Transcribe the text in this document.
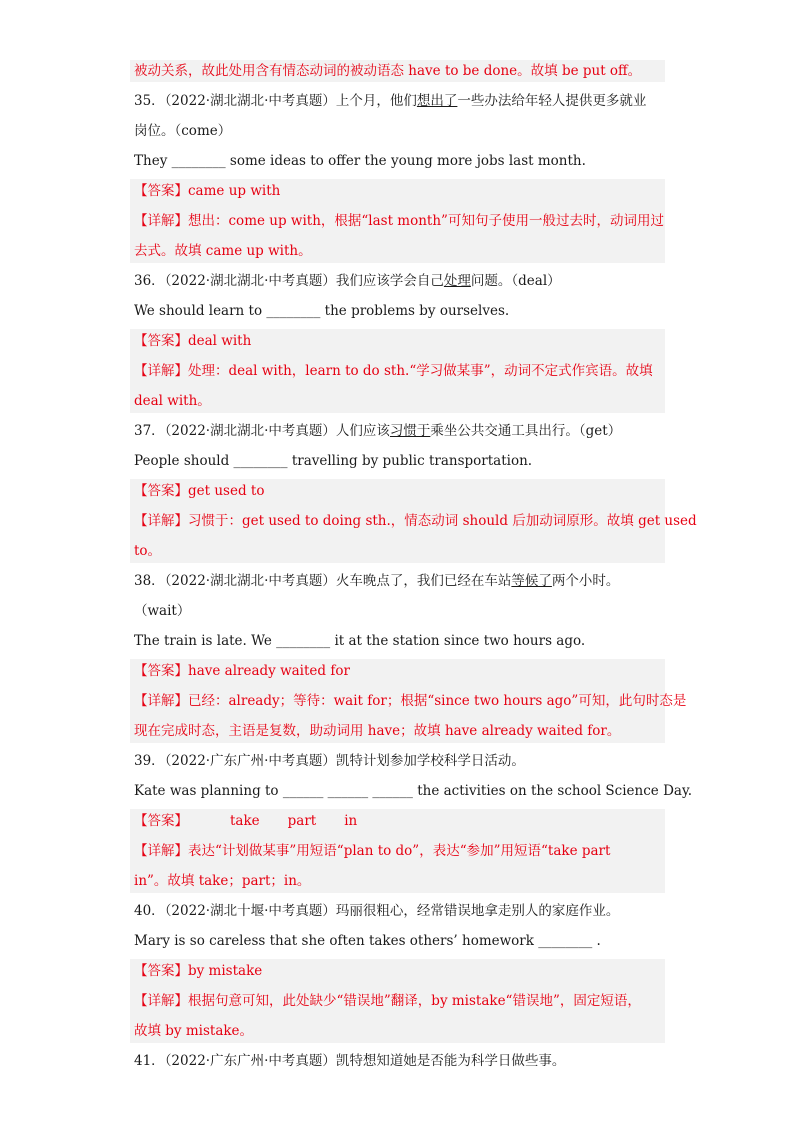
被动关系，故此处用含有情态动词的被动语态 have to be done。故填 be put off。
35．（2022·湖北湖北·中考真题）上个月，他们想出了一些办法给年轻人提供更多就业
岗位。（come）
They ________ some ideas to offer the young more jobs last month.
【答案】came up with
【详解】想出：come up with，根据“last month”可知句子使用一般过去时，动词用过
去式。故填 came up with。
36．（2022·湖北湖北·中考真题）我们应该学会自己处理问题。（deal）
We should learn to ________ the problems by ourselves.
【答案】deal with
【详解】处理：deal with，learn to do sth.“学习做某事”，动词不定式作宾语。故填
deal with。
37．（2022·湖北湖北·中考真题）人们应该习惯于乘坐公共交通工具出行。（get）
People should ________ travelling by public transportation.
【答案】get used to
【详解】习惯于：get used to doing sth.，情态动词 should 后加动词原形。故填 get used
to。
38．（2022·湖北湖北·中考真题）火车晚点了，我们已经在车站等候了两个小时。
（wait）
The train is late. We ________ it at the station since two hours ago.
【答案】have already waited for
【详解】已经：already；等待：wait for；根据“since two hours ago”可知，此句时态是
现在完成时态，主语是复数，助动词用 have；故填 have already waited for。
39．（2022·广东广州·中考真题）凯特计划参加学校科学日活动。
Kate was planning to ______ ______ ______ the activities on the school Science Day.
【答案】	take part in
【详解】表达“计划做某事”用短语“plan to do”，表达“参加”用短语“take part
in”。故填 take；part；in。
40．（2022·湖北十堰·中考真题）玛丽很粗心，经常错误地拿走别人的家庭作业。
Mary is so careless that she often takes others’ homework ________ .
【答案】by mistake
【详解】根据句意可知，此处缺少“错误地”翻译，by mistake“错误地”，固定短语，
故填 by mistake。
41．（2022·广东广州·中考真题）凯特想知道她是否能为科学日做些事。
